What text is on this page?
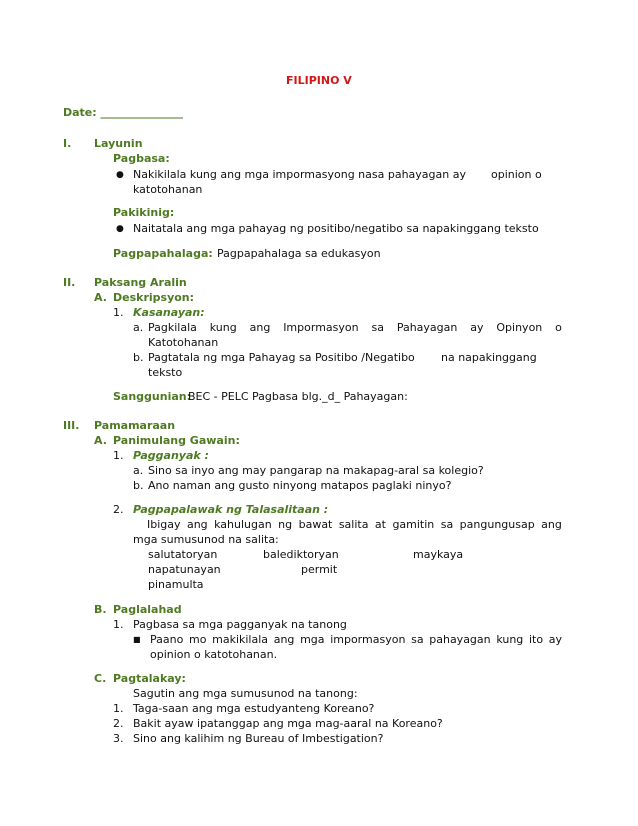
FILIPINO V
Date: _______________
I. Layunin
Pagbasa:
● Nakikilala kung ang mga impormasyong nasa pahayagan ay opinion o
katotohanan
Pakikinig:
● Naitatala ang mga pahayag ng positibo/negatibo sa napakinggang teksto
Pagpapahalaga: Pagpapahalaga sa edukasyon
II. Paksang Aralin
A. Deskripsyon:
1. Kasanayan:
a. Pagkilala kung ang Impormasyon sa Pahayagan ay Opinyon o
Katotohanan
b. Pagtatala ng mga Pahayag sa Positibo /Negatibo na napakinggang
teksto
Sanggunian:
BEC - PELC Pagbasa blg._d_ Pahayagan:
III. Pamamaraan
A. Panimulang Gawain:
1. Pagganyak :
a. Sino sa inyo ang may pangarap na makapag-aral sa kolegio?
b. Ano naman ang gusto ninyong matapos paglaki ninyo?
2. Pagpapalawak ng Talasalitaan :
Ibigay ang kahulugan ng bawat salita at gamitin sa pangungusap ang
mga sumusunod na salita:
salutatoryan	balediktoryan	maykaya
napatunayan	permit
pinamulta
B. Paglalahad
1. Pagbasa sa mga pagganyak na tanong
■ Paano mo makikilala ang mga impormasyon sa pahayagan kung ito ay
opinion o katotohanan.
C. Pagtalakay:
Sagutin ang mga sumusunod na tanong:
1. Taga-saan ang mga estudyanteng Koreano?
2. Bakit ayaw ipatanggap ang mga mag-aaral na Koreano?
3. Sino ang kalihim ng Bureau of Imbestigation?
